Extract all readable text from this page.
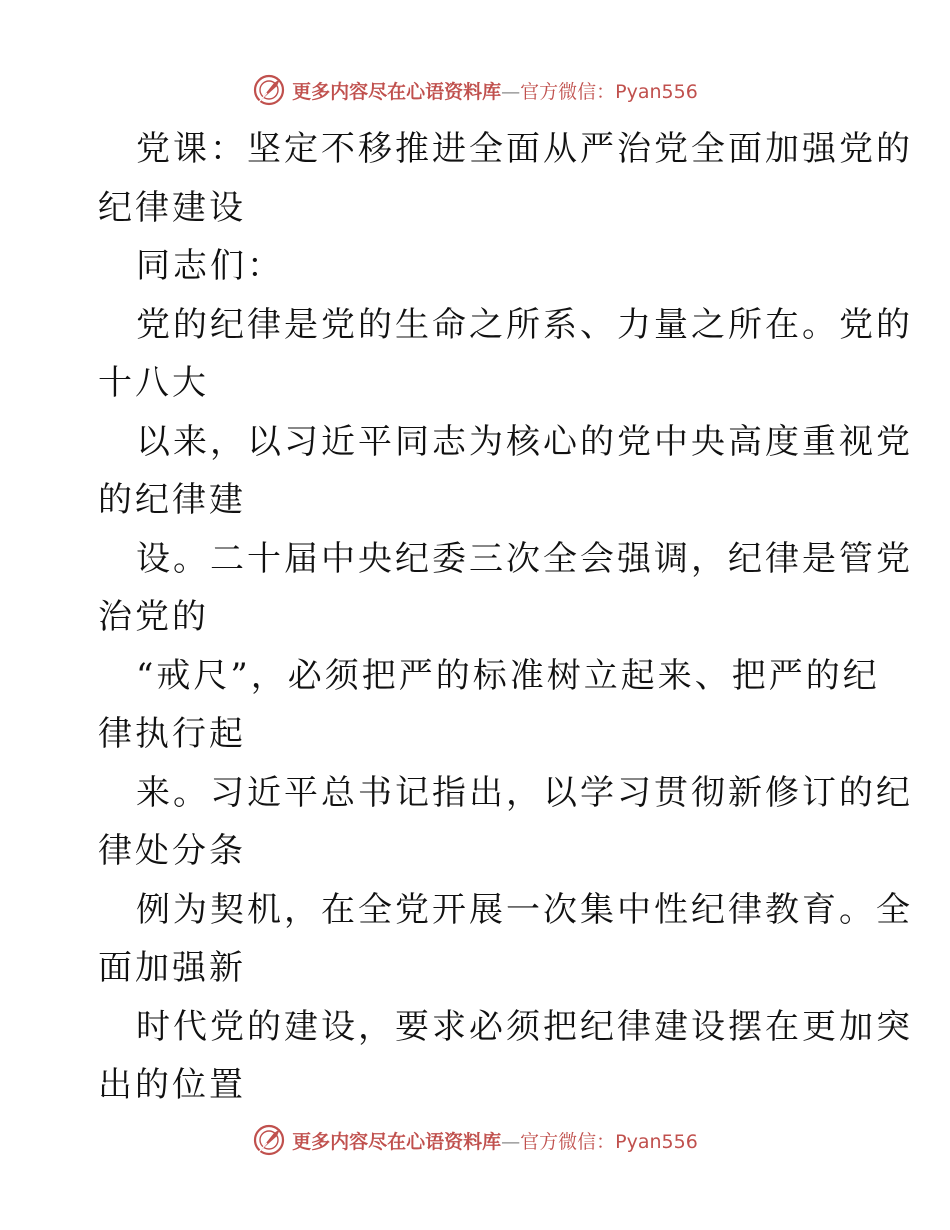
更多内容尽在心语资料库—官方微信：Pyan556
党课：坚定不移推进全面从严治党全面加强党的
纪律建设
同志们：
党的纪律是党的生命之所系、力量之所在。党的
十八大
以来，以习近平同志为核心的党中央高度重视党
的纪律建
设。二十届中央纪委三次全会强调，纪律是管党
治党的
“戒尺”，必须把严的标准树立起来、把严的纪
律执行起
来。习近平总书记指出，以学习贯彻新修订的纪
律处分条
例为契机，在全党开展一次集中性纪律教育。全
面加强新
时代党的建设，要求必须把纪律建设摆在更加突
出的位置
更多内容尽在心语资料库—官方微信：Pyan556
